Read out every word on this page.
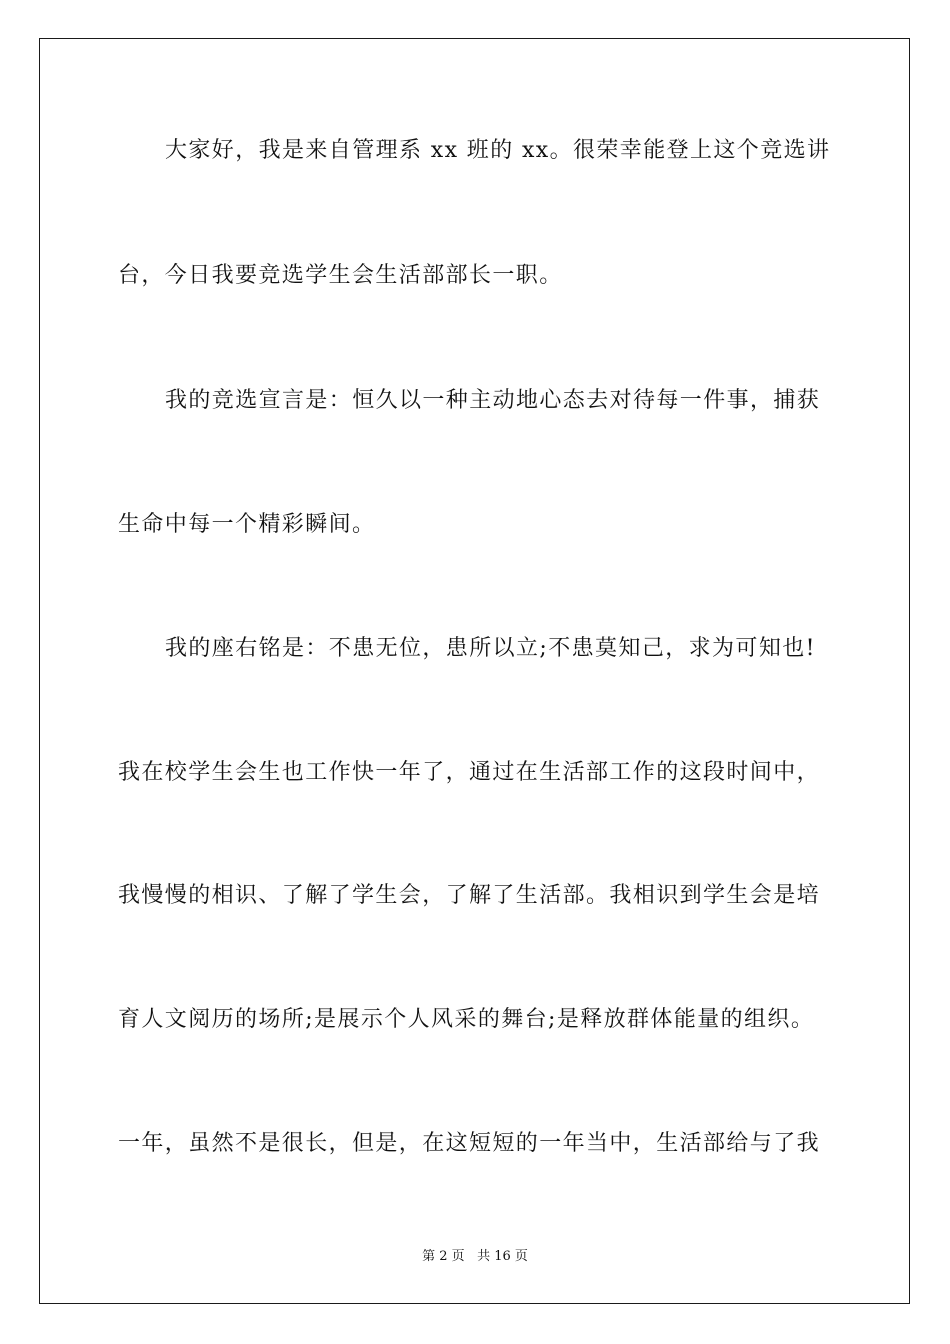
大家好，我是来自管理系 xx 班的 xx。很荣幸能登上这个竞选讲
台，今日我要竞选学生会生活部部长一职。
我的竞选宣言是：恒久以一种主动地心态去对待每一件事，捕获
生命中每一个精彩瞬间。
我的座右铭是：不患无位，患所以立;不患莫知己，求为可知也!
我在校学生会生也工作快一年了，通过在生活部工作的这段时间中，
我慢慢的相识、了解了学生会，了解了生活部。我相识到学生会是培
育人文阅历的场所;是展示个人风采的舞台;是释放群体能量的组织。
一年，虽然不是很长，但是，在这短短的一年当中，生活部给与了我
第 2 页 共 16 页
